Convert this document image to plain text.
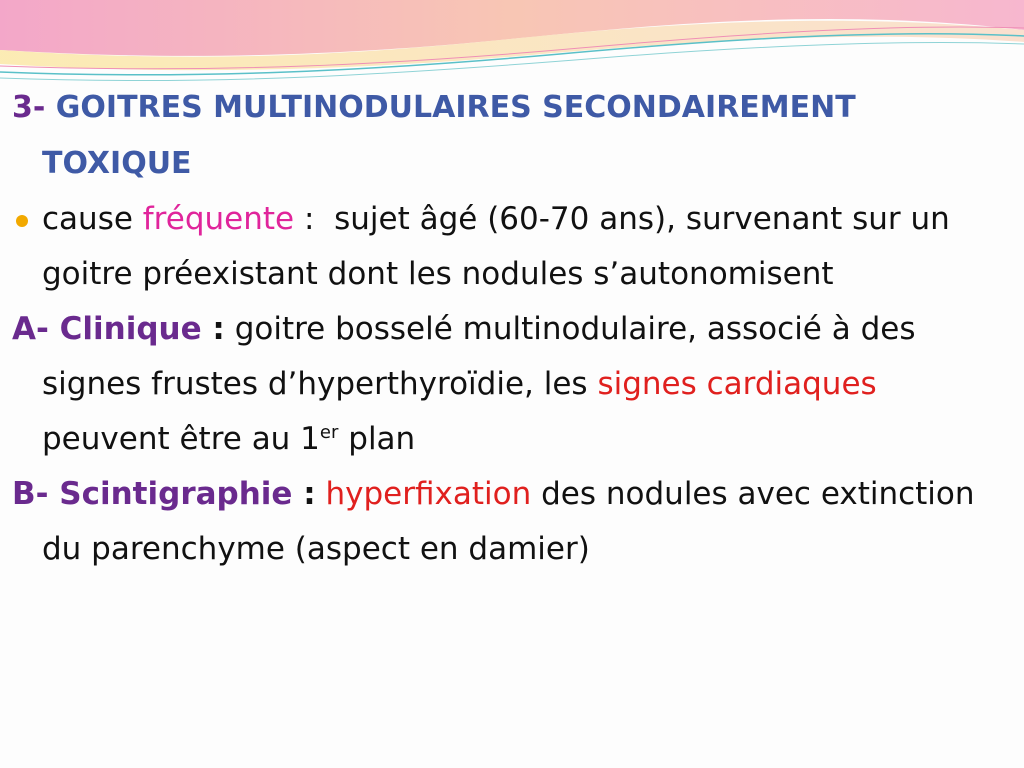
3- GOITRES MULTINODULAIRES SECONDAIREMENT TOXIQUE

cause fréquente :  sujet âgé (60-70 ans), survenant sur un goitre préexistant dont les nodules s’autonomisent

A- Clinique : goitre bosselé multinodulaire, associé à des signes frustes d’hyperthyroïdie, les signes cardiaques peuvent être au 1er plan

B- Scintigraphie : hyperfixation des nodules avec extinction du parenchyme (aspect en damier)
